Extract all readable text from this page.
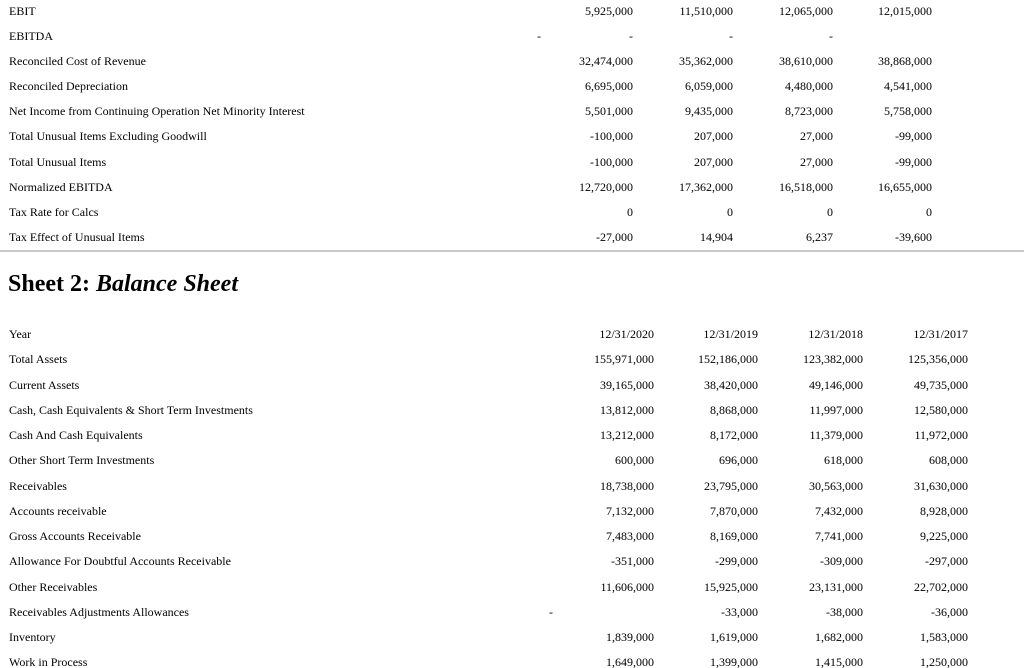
EBIT	5,925,000	11,510,000	12,065,000	12,015,000
EBITDA	-	-	-	-
Reconciled Cost of Revenue	32,474,000	35,362,000	38,610,000	38,868,000
Reconciled Depreciation	6,695,000	6,059,000	4,480,000	4,541,000
Net Income from Continuing Operation Net Minority Interest	5,501,000	9,435,000	8,723,000	5,758,000
Total Unusual Items Excluding Goodwill	-100,000	207,000	27,000	-99,000
Total Unusual Items	-100,000	207,000	27,000	-99,000
Normalized EBITDA	12,720,000	17,362,000	16,518,000	16,655,000
Tax Rate for Calcs	0	0	0	0
Tax Effect of Unusual Items	-27,000	14,904	6,237	-39,600
Sheet 2: Balance Sheet
Year	12/31/2020	12/31/2019	12/31/2018	12/31/2017
Total Assets	155,971,000	152,186,000	123,382,000	125,356,000
Current Assets	39,165,000	38,420,000	49,146,000	49,735,000
Cash, Cash Equivalents & Short Term Investments	13,812,000	8,868,000	11,997,000	12,580,000
Cash And Cash Equivalents	13,212,000	8,172,000	11,379,000	11,972,000
Other Short Term Investments	600,000	696,000	618,000	608,000
Receivables	18,738,000	23,795,000	30,563,000	31,630,000
Accounts receivable	7,132,000	7,870,000	7,432,000	8,928,000
Gross Accounts Receivable	7,483,000	8,169,000	7,741,000	9,225,000
Allowance For Doubtful Accounts Receivable	-351,000	-299,000	-309,000	-297,000
Other Receivables	11,606,000	15,925,000	23,131,000	22,702,000
Receivables Adjustments Allowances	-	-33,000	-38,000	-36,000
Inventory	1,839,000	1,619,000	1,682,000	1,583,000
Work in Process	1,649,000	1,399,000	1,415,000	1,250,000
